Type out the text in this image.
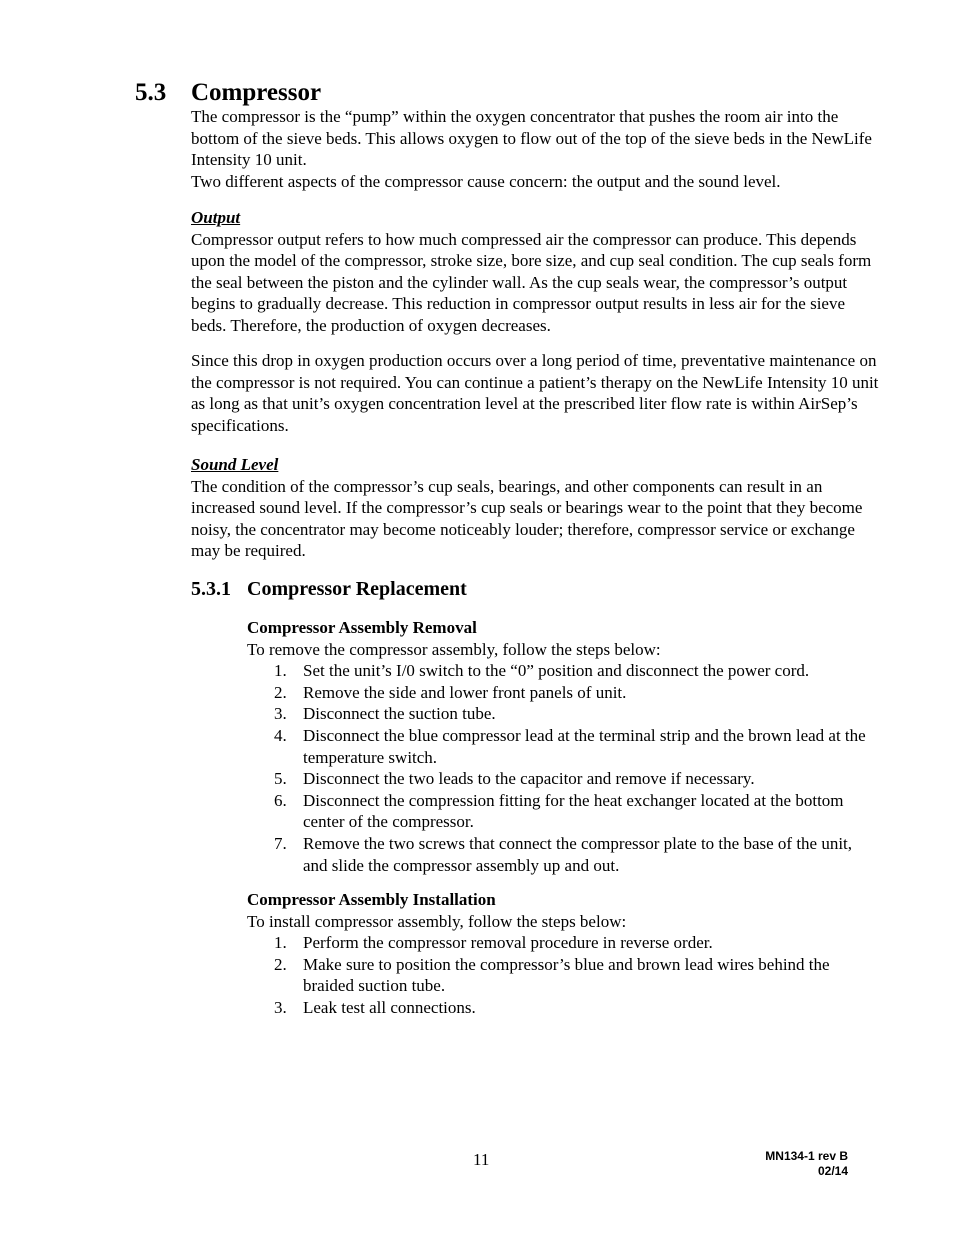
5.3 Compressor

The compressor is the “pump” within the oxygen concentrator that pushes the room air into the bottom of the sieve beds. This allows oxygen to flow out of the top of the sieve beds in the NewLife Intensity 10 unit.

Two different aspects of the compressor cause concern: the output and the sound level.

Output

Compressor output refers to how much compressed air the compressor can produce. This depends upon the model of the compressor, stroke size, bore size, and cup seal condition. The cup seals form the seal between the piston and the cylinder wall. As the cup seals wear, the compressor’s output begins to gradually decrease. This reduction in compressor output results in less air for the sieve beds. Therefore, the production of oxygen decreases.

Since this drop in oxygen production occurs over a long period of time, preventative maintenance on the compressor is not required. You can continue a patient’s therapy on the NewLife Intensity 10 unit as long as that unit’s oxygen concentration level at the prescribed liter flow rate is within AirSep’s specifications.

Sound Level

The condition of the compressor’s cup seals, bearings, and other components can result in an increased sound level. If the compressor’s cup seals or bearings wear to the point that they become noisy, the concentrator may become noticeably louder; therefore, compressor service or exchange may be required.

5.3.1 Compressor Replacement
Compressor Assembly Removal
To remove the compressor assembly, follow the steps below:
1. Set the unit’s I/0 switch to the “0” position and disconnect the power cord.
2. Remove the side and lower front panels of unit.
3. Disconnect the suction tube.
4. Disconnect the blue compressor lead at the terminal strip and the brown lead at the temperature switch.
5. Disconnect the two leads to the capacitor and remove if necessary.
6. Disconnect the compression fitting for the heat exchanger located at the bottom center of the compressor.
7. Remove the two screws that connect the compressor plate to the base of the unit, and slide the compressor assembly up and out.
Compressor Assembly Installation
To install compressor assembly, follow the steps below:
1. Perform the compressor removal procedure in reverse order.
2. Make sure to position the compressor’s blue and brown lead wires behind the braided suction tube.
3. Leak test all connections.
11	MN134-1 rev B
02/14
